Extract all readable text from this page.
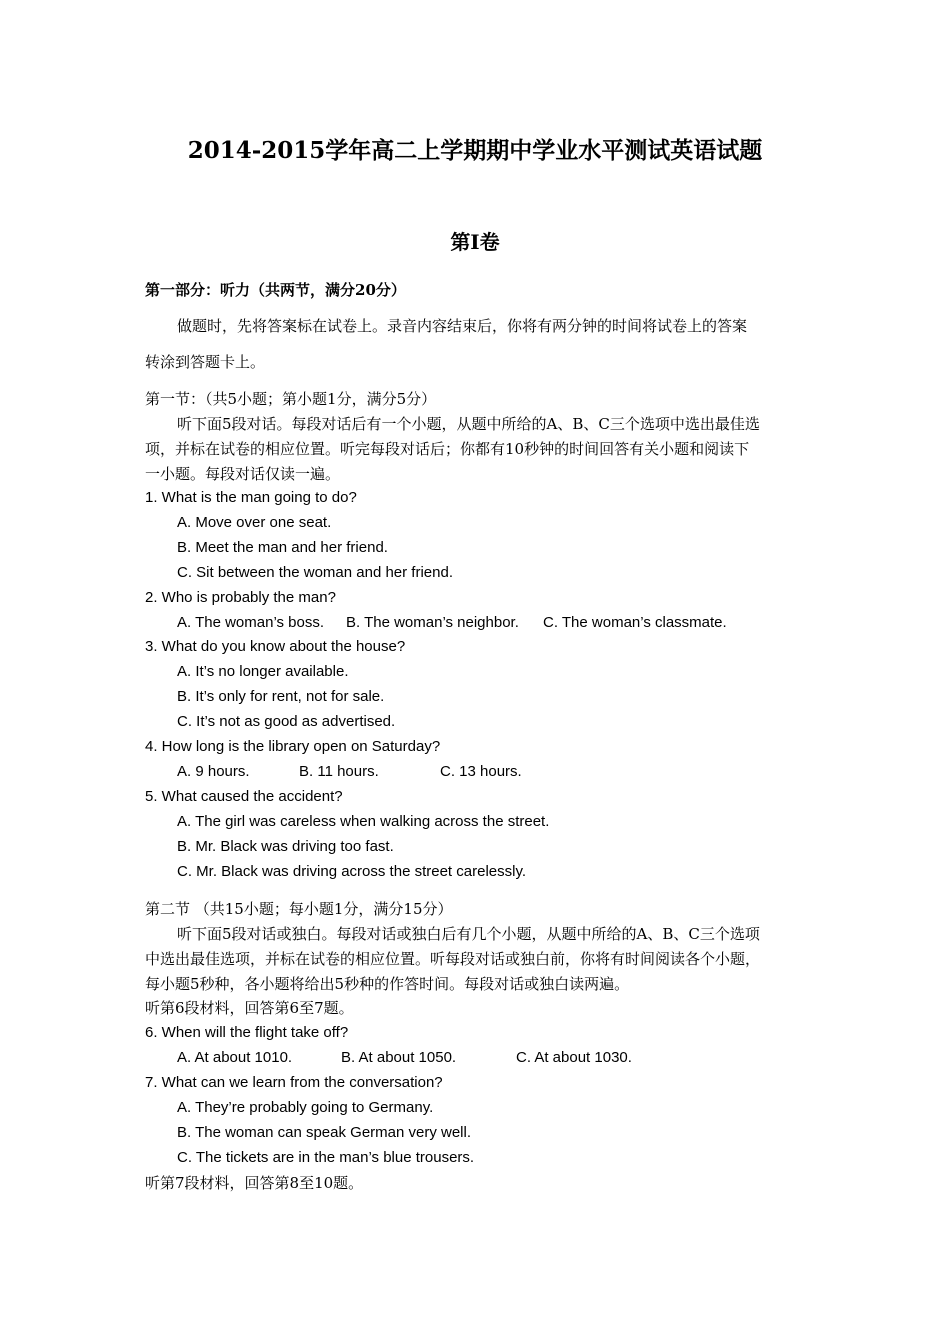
2014-2015学年高二上学期期中学业水平测试英语试题
第Ⅰ卷
第一部分：听力（共两节，满分20分）
做题时，先将答案标在试卷上。录音内容结束后，你将有两分钟的时间将试卷上的答案
转涂到答题卡上。
第一节：（共5小题；第小题1分，满分5分）
听下面5段对话。每段对话后有一个小题，从题中所给的A、B、C三个选项中选出最佳选
项，并标在试卷的相应位置。听完每段对话后；你都有10秒钟的时间回答有关小题和阅读下
一小题。每段对话仅读一遍。
1. What is the man going to do?
A. Move over one seat.
B. Meet the man and her friend.
C. Sit between the woman and her friend.
2. Who is probably the man?
A. The woman’s boss. B. The woman’s neighbor. C. The woman’s classmate.
3. What do you know about the house?
A. It’s no longer available.
B. It’s only for rent, not for sale.
C. It’s not as good as advertised.
4. How long is the library open on Saturday?
A. 9 hours.	B. 11 hours.	C. 13 hours.
5. What caused the accident?
A. The girl was careless when walking across the street.
B. Mr. Black was driving too fast.
C. Mr. Black was driving across the street carelessly.
第二节 （共15小题；每小题1分，满分15分）
听下面5段对话或独白。每段对话或独白后有几个小题，从题中所给的A、B、C三个选项
中选出最佳选项，并标在试卷的相应位置。听每段对话或独白前，你将有时间阅读各个小题，
每小题5秒种，各小题将给出5秒种的作答时间。每段对话或独白读两遍。
听第6段材料，回答第6至7题。
6. When will the flight take off?
A. At about 1010.	B. At about 1050.	C. At about 1030.
7. What can we learn from the conversation?
A. They’re probably going to Germany.
B. The woman can speak German very well.
C. The tickets are in the man’s blue trousers.
听第7段材料，回答第8至10题。
